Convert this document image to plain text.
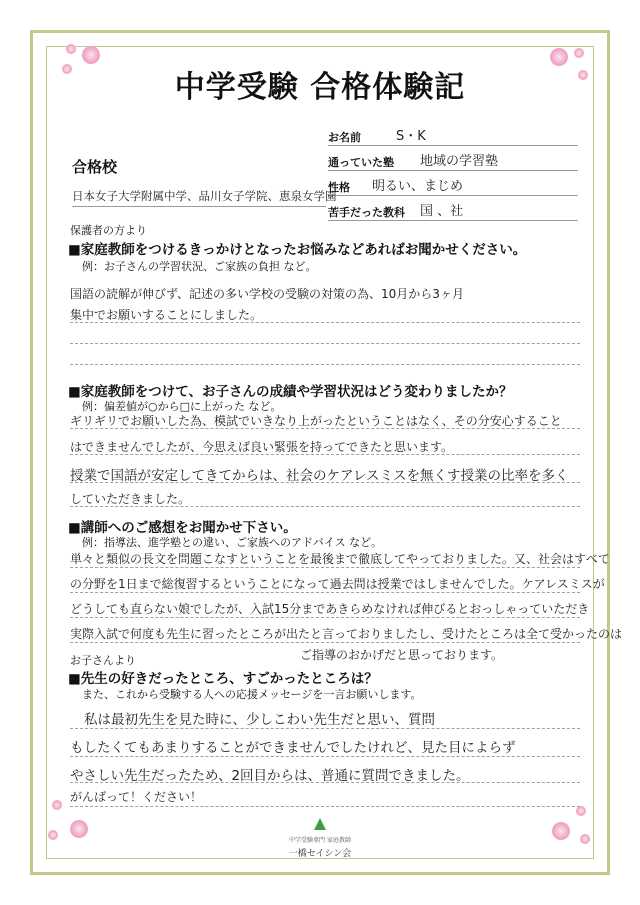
中学受験 合格体験記
お名前	S・K
通っていた塾 地域の学習塾
性格 明るい、まじめ
苦手だった教科 国 、社
合格校
日本女子大学附属中学、品川女子学院、恵泉女学園
保護者の方より
■家庭教師をつけるきっかけとなったお悩みなどあればお聞かせください。
例：お子さんの学習状況、ご家族の負担 など。
国語の読解が伸びず、記述の多い学校の受験の対策の為、10月から3ヶ月
集中でお願いすることにしました。
■家庭教師をつけて、お子さんの成績や学習状況はどう変わりましたか？
例：偏差値が○から□に上がった など。
ギリギリでお願いした為、模試でいきなり上がったということはなく、その分安心すること
はできませんでしたが、今思えば良い緊張を持ってできたと思います。
授業で国語が安定してきてからは、社会のケアレスミスを無くす授業の比率を多く
していただきました。
■講師へのご感想をお聞かせ下さい。
例：指導法、進学塾との違い、ご家族へのアドバイス など。
単々と類似の長文を問題こなすということを最後まで徹底してやっておりました。又、社会はすべて
の分野を1日まで総復習するということになって過去問は授業ではしませんでした。ケアレスミスが
どうしても直らない娘でしたが、入試15分まであきらめなければ伸びるとおっしゃっていただき
実際入試で何度も先生に習ったところが出たと言っておりましたし、受けたところは全て受かったのは
ご指導のおかげだと思っております。
お子さんより
■先生の好きだったところ、すごかったところは？
また、これから受験する人への応援メッセージを一言お願いします。
私は最初先生を見た時に、少しこわい先生だと思い、質問
もしたくてもあまりすることができませんでしたけれど、見た目によらず
やさしい先生だったため、2回目からは、普通に質問できました。
がんばって！ください！
中学受験専門 家庭教師
一橋セイシン会
